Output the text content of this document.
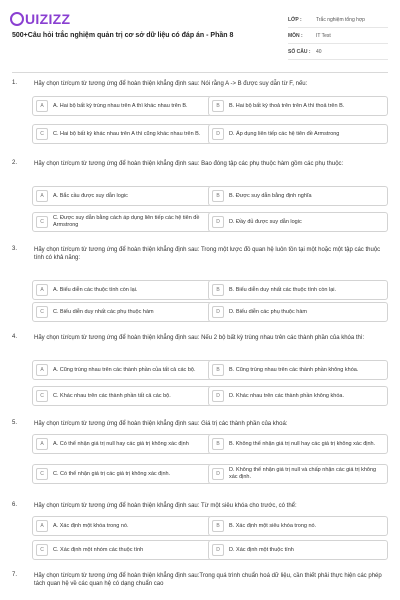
UIZIZZ
500+Câu hỏi trắc nghiệm quản trị cơ sở dữ liệu có đáp án - Phần 8
LỚP :	Trắc nghiệm tổng hợp
MÔN :	IT Test
SỐ CÂU :	40
1.	Hãy chọn từ/cụm từ tương ứng để hoàn thiện khẳng định sau: Nói rằng A -> B được suy dẫn từ F, nếu:
A	A. Hai bộ bất kỳ trùng nhau trên A thì khác nhau trên B.	B	B. Hai bộ bất kỳ thoả trên trên A thì thoả trên B.
C	C. Hai bộ bất kỳ khác nhau trên A thì cũng khác nhau trên B.	D	D. Áp dụng liên tiếp các hệ tiên đề Armstrong
2.	Hãy chọn từ/cụm từ tương ứng để hoàn thiện khẳng định sau: Bao đóng tập các phụ thuộc hàm gồm các phụ thuộc:
A	A. Bắc cầu được suy dẫn logic	B	B. Được suy dẫn bằng định nghĩa
C
C. Được suy dẫn bằng cách áp dụng liên tiếp các hệ tiên đề Armstrong	D	D. Đầy đủ được suy dẫn logic
3.	Hãy chọn từ/cụm từ tương ứng để hoàn thiện khẳng định sau: Trong một lược đồ quan hệ luôn tồn tại một hoặc một tập các thuộc tính có khả năng:
A	A. Biểu diễn các thuộc tính còn lại.	B	B. Biểu diễn duy nhất các thuộc tính còn lại.
C	C. Biểu diễn duy nhất các phụ thuộc hàm	D	D. Biểu diễn các phụ thuộc hàm
4.	Hãy chọn từ/cụm từ tương ứng để hoàn thiện khẳng định sau: Nếu 2 bộ bất kỳ trùng nhau trên các thành phần của khóa thì:
A	A. Cũng trùng nhau trên các thành phần của tất cả các bộ.	B	B. Cũng trùng nhau trên các thành phần không khóa.
C	C. Khác nhau trên các thành phần tất cả các bộ.	D	D. Khác nhau trên các thành phần không khóa.
5.	Hãy chọn từ/cụm từ tương ứng để hoàn thiện khẳng định sau: Giá trị các thành phần của khoá:
A	A. Có thể nhận giá trị null hay các giá trị không xác định	B	B. Không thể nhận giá trị null hay các giá trị không xác định.
C	C. Có thể nhận giá trị các giá trị không xác định.	D
D. Không thể nhận giá trị null và chấp nhận các giá trị không xác định.
6.	Hãy chọn từ/cụm từ tương ứng để hoàn thiện khẳng định sau: Từ một siêu khóa cho trước, có thể:
A	A. Xác định một khóa trong nó.	B	B. Xác định một siêu khóa trong nó.
C	C. Xác định một nhóm các thuộc tính	D	D. Xác định một thuộc tính
7.	Hãy chọn từ/cụm từ tương ứng để hoàn thiện khẳng định sau:Trong quá trình chuẩn hoá dữ liệu, cần thiết phải thực hiện các phép tách quan hệ về các quan hệ có dạng chuẩn cao
